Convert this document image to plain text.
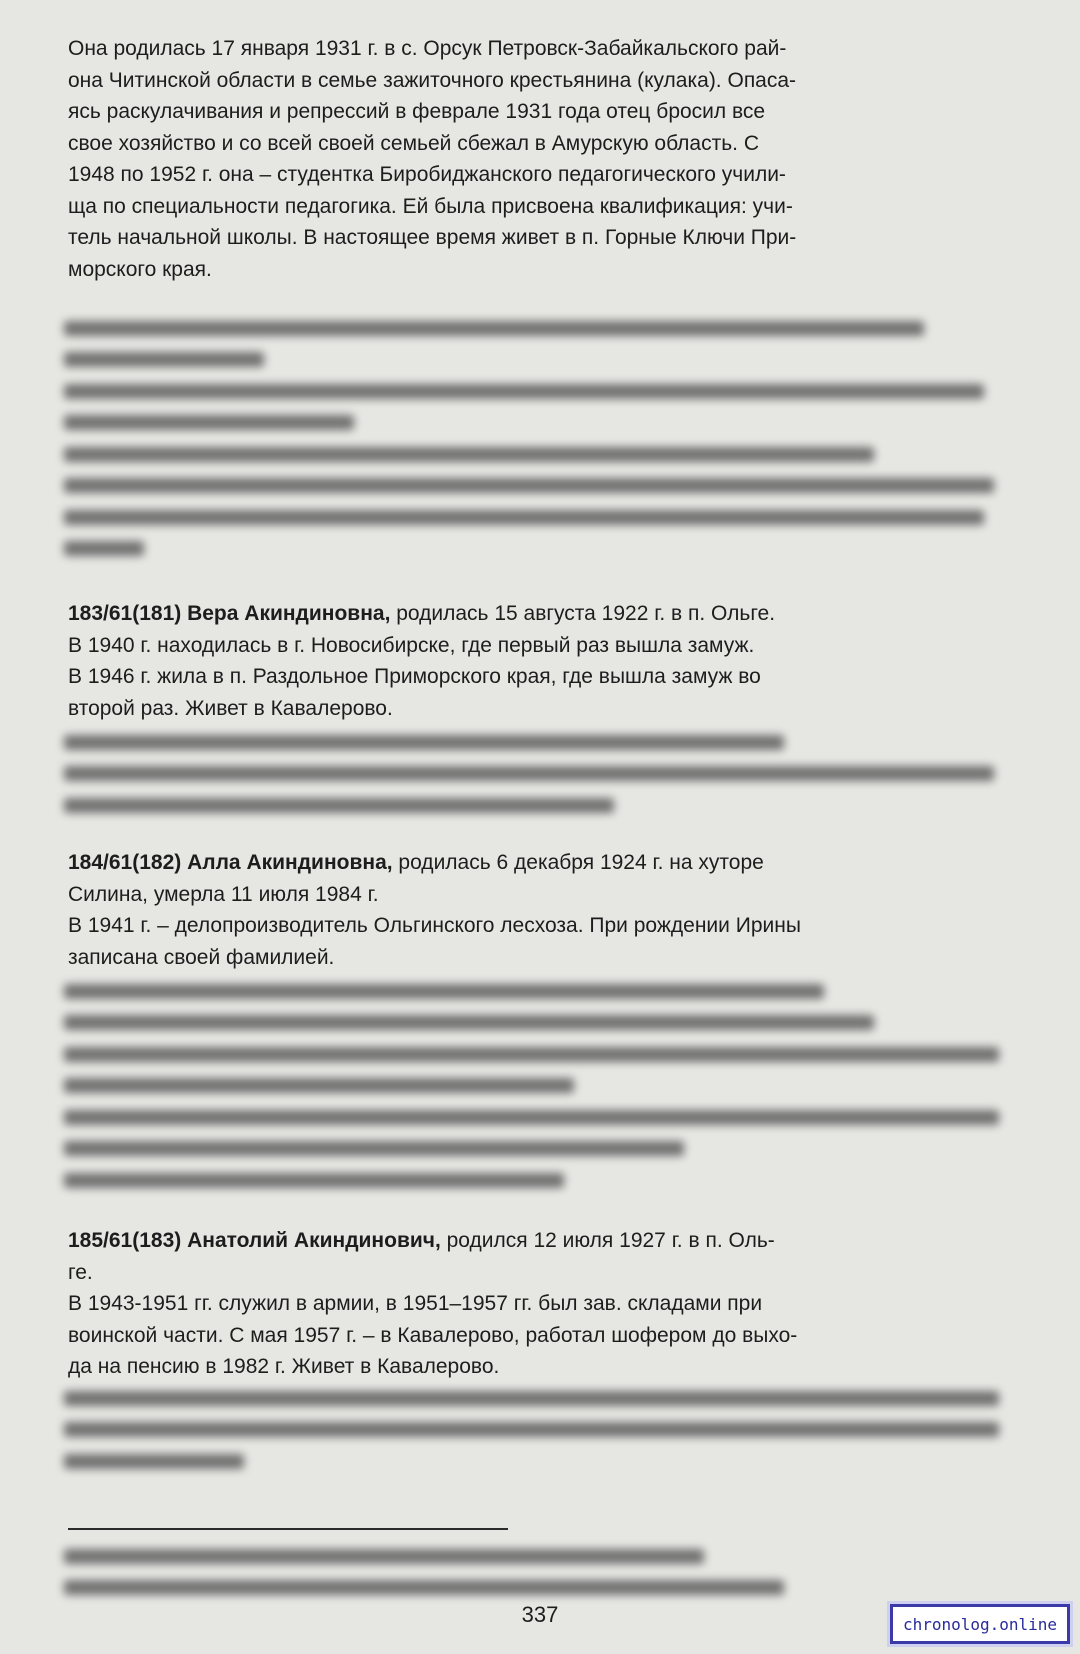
Она родилась 17 января 1931 г. в с. Орсук Петровск-Забайкальского рай-
она Читинской области в семье зажиточного крестьянина (кулака). Опаса-
ясь раскулачивания и репрессий в феврале 1931 года отец бросил все
свое хозяйство и со всей своей семьей сбежал в Амурскую область. С
1948 по 1952 г. она – студентка Биробиджанского педагогического учили-
ща по специальности педагогика. Ей была присвоена квалификация: учи-
тель начальной школы. В настоящее время живет в п. Горные Ключи При-
морского края.
183/61(181) Вера Акиндиновна, родилась 15 августа 1922 г. в п. Ольге.
В 1940 г. находилась в г. Новосибирске, где первый раз вышла замуж.
В 1946 г. жила в п. Раздольное Приморского края, где вышла замуж во
второй раз. Живет в Кавалерово.
184/61(182) Алла Акиндиновна, родилась 6 декабря 1924 г. на хуторе
Силина, умерла 11 июля 1984 г.
В 1941 г. – делопроизводитель Ольгинского лесхоза. При рождении Ирины
записана своей фамилией.
185/61(183) Анатолий Акиндинович, родился 12 июля 1927 г. в п. Оль-
ге.
В 1943-1951 гг. служил в армии, в 1951–1957 гг. был зав. складами при
воинской части. С мая 1957 г. – в Кавалерово, работал шофером до выхо-
да на пенсию в 1982 г. Живет в Кавалерово.
337	chronolog.online
